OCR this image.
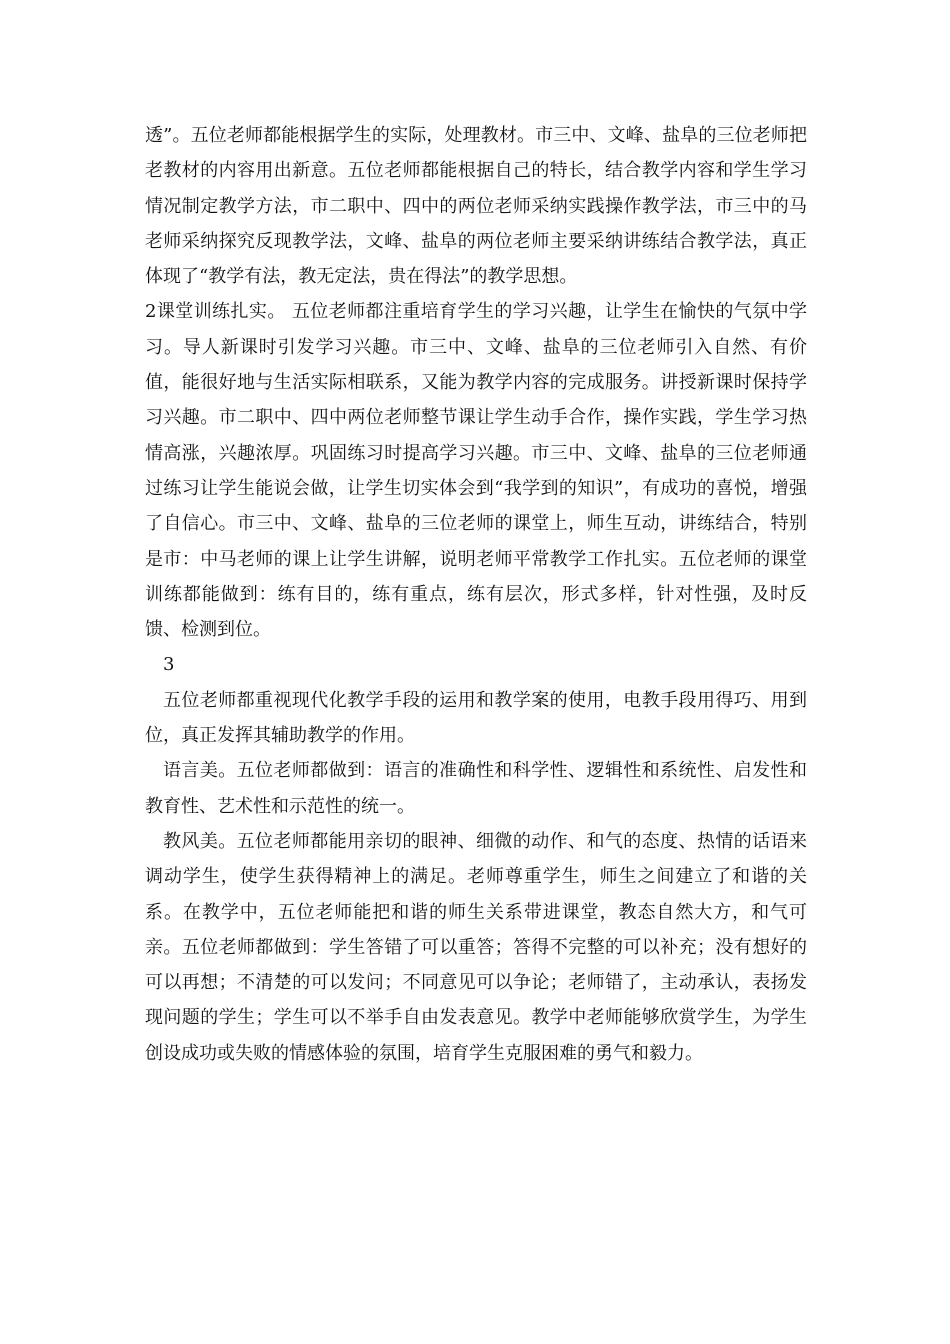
透”。五位老师都能根据学生的实际，处理教材。市三中、文峰、盐阜的三位老师把老教材的内容用出新意。五位老师都能根据自己的特长，结合教学内容和学生学习情况制定教学方法，市二职中、四中的两位老师采纳实践操作教学法，市三中的马老师采纳探究反现教学法，文峰、盐阜的两位老师主要采纳讲练结合教学法，真正体现了“教学有法，教无定法，贵在得法”的教学思想。

2课堂训练扎实。 五位老师都注重培育学生的学习兴趣，让学生在愉快的气氛中学习。导人新课时引发学习兴趣。市三中、文峰、盐阜的三位老师引入自然、有价值，能很好地与生活实际相联系，又能为教学内容的完成服务。讲授新课时保持学习兴趣。市二职中、四中两位老师整节课让学生动手合作，操作实践，学生学习热情高涨，兴趣浓厚。巩固练习时提高学习兴趣。市三中、文峰、盐阜的三位老师通过练习让学生能说会做，让学生切实体会到“我学到的知识”，有成功的喜悦，增强了自信心。市三中、文峰、盐阜的三位老师的课堂上，师生互动，讲练结合，特别是市：中马老师的课上让学生讲解，说明老师平常教学工作扎实。五位老师的课堂训练都能做到：练有目的，练有重点，练有层次，形式多样，针对性强，及时反馈、检测到位。

3

五位老师都重视现代化教学手段的运用和教学案的使用，电教手段用得巧、用到位，真正发挥其辅助教学的作用。

语言美。五位老师都做到：语言的准确性和科学性、逻辑性和系统性、启发性和教育性、艺术性和示范性的统一。

教风美。五位老师都能用亲切的眼神、细微的动作、和气的态度、热情的话语来调动学生，使学生获得精神上的满足。老师尊重学生，师生之间建立了和谐的关系。在教学中，五位老师能把和谐的师生关系带进课堂，教态自然大方，和气可亲。五位老师都做到：学生答错了可以重答；答得不完整的可以补充；没有想好的可以再想；不清楚的可以发问；不同意见可以争论；老师错了，主动承认，表扬发现问题的学生；学生可以不举手自由发表意见。教学中老师能够欣赏学生，为学生创设成功或失败的情感体验的氛围，培育学生克服困难的勇气和毅力。
